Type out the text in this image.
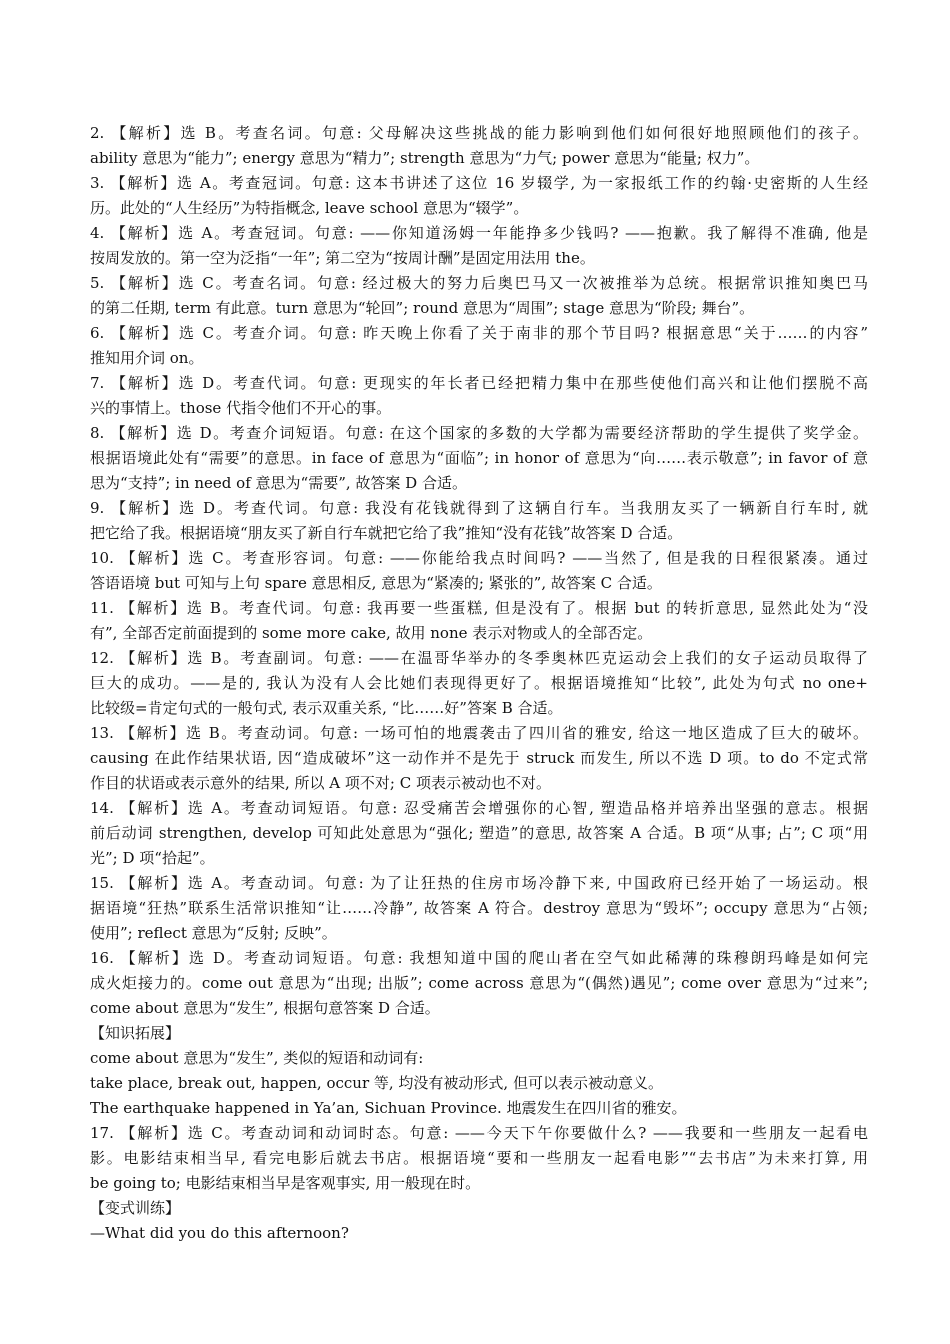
2. 【解析】选 B。考查名词。句意: 父母解决这些挑战的能力影响到他们如何很好地照顾他们的孩子。
ability 意思为“能力”; energy 意思为“精力”; strength 意思为“力气; power 意思为“能量; 权力”。
3. 【解析】选 A。考查冠词。句意: 这本书讲述了这位 16 岁辍学, 为一家报纸工作的约翰·史密斯的人生经
历。此处的“人生经历”为特指概念, leave school 意思为“辍学”。
4. 【解析】选 A。考查冠词。句意: ——你知道汤姆一年能挣多少钱吗? ——抱歉。我了解得不准确, 他是
按周发放的。第一空为泛指“一年”; 第二空为“按周计酬”是固定用法用 the。
5. 【解析】选 C。考查名词。句意: 经过极大的努力后奥巴马又一次被推举为总统。根据常识推知奥巴马
的第二任期, term 有此意。turn 意思为“轮回”; round 意思为“周围”; stage 意思为“阶段; 舞台”。
6. 【解析】选 C。考查介词。句意: 昨天晚上你看了关于南非的那个节目吗? 根据意思“关于……的内容”
推知用介词 on。
7. 【解析】选 D。考查代词。句意: 更现实的年长者已经把精力集中在那些使他们高兴和让他们摆脱不高
兴的事情上。those 代指令他们不开心的事。
8. 【解析】选 D。考查介词短语。句意: 在这个国家的多数的大学都为需要经济帮助的学生提供了奖学金。
根据语境此处有“需要”的意思。in face of 意思为“面临”; in honor of 意思为“向……表示敬意”; in favor of 意
思为“支持”; in need of 意思为“需要”, 故答案 D 合适。
9. 【解析】选 D。考查代词。句意: 我没有花钱就得到了这辆自行车。当我朋友买了一辆新自行车时, 就
把它给了我。根据语境“朋友买了新自行车就把它给了我”推知“没有花钱”故答案 D 合适。
10. 【解析】选 C。考查形容词。句意: ——你能给我点时间吗? ——当然了, 但是我的日程很紧凑。通过
答语语境 but 可知与上句 spare 意思相反, 意思为“紧凑的; 紧张的”, 故答案 C 合适。
11. 【解析】选 B。考查代词。句意: 我再要一些蛋糕, 但是没有了。根据 but 的转折意思, 显然此处为“没
有”, 全部否定前面提到的 some more cake, 故用 none 表示对物或人的全部否定。
12. 【解析】选 B。考查副词。句意: ——在温哥华举办的冬季奥林匹克运动会上我们的女子运动员取得了
巨大的成功。——是的, 我认为没有人会比她们表现得更好了。根据语境推知“比较”, 此处为句式 no one+
比较级=肯定句式的一般句式, 表示双重关系, “比……好”答案 B 合适。
13. 【解析】选 B。考查动词。句意: 一场可怕的地震袭击了四川省的雅安, 给这一地区造成了巨大的破坏。
causing 在此作结果状语, 因“造成破坏”这一动作并不是先于 struck 而发生, 所以不选 D 项。to do 不定式常
作目的状语或表示意外的结果, 所以 A 项不对; C 项表示被动也不对。
14. 【解析】选 A。考查动词短语。句意: 忍受痛苦会增强你的心智, 塑造品格并培养出坚强的意志。根据
前后动词 strengthen, develop 可知此处意思为“强化; 塑造”的意思, 故答案 A 合适。B 项“从事; 占”; C 项“用
光”; D 项“拾起”。
15. 【解析】选 A。考查动词。句意: 为了让狂热的住房市场冷静下来, 中国政府已经开始了一场运动。根
据语境“狂热”联系生活常识推知“让……冷静”, 故答案 A 符合。destroy 意思为“毁坏”; occupy 意思为“占领;
使用”; reflect 意思为“反射; 反映”。
16. 【解析】选 D。考查动词短语。句意: 我想知道中国的爬山者在空气如此稀薄的珠穆朗玛峰是如何完
成火炬接力的。come out 意思为“出现; 出版”; come across 意思为“(偶然)遇见”; come over 意思为“过来”;
come about 意思为“发生”, 根据句意答案 D 合适。
【知识拓展】
come about 意思为“发生”, 类似的短语和动词有:
take place, break out, happen, occur 等, 均没有被动形式, 但可以表示被动意义。
The earthquake happened in Ya’an, Sichuan Province. 地震发生在四川省的雅安。
17. 【解析】选 C。考查动词和动词时态。句意: ——今天下午你要做什么? ——我要和一些朋友一起看电
影。电影结束相当早, 看完电影后就去书店。根据语境“要和一些朋友一起看电影”“去书店”为未来打算, 用
be going to; 电影结束相当早是客观事实, 用一般现在时。
【变式训练】
—What did you do this afternoon?
